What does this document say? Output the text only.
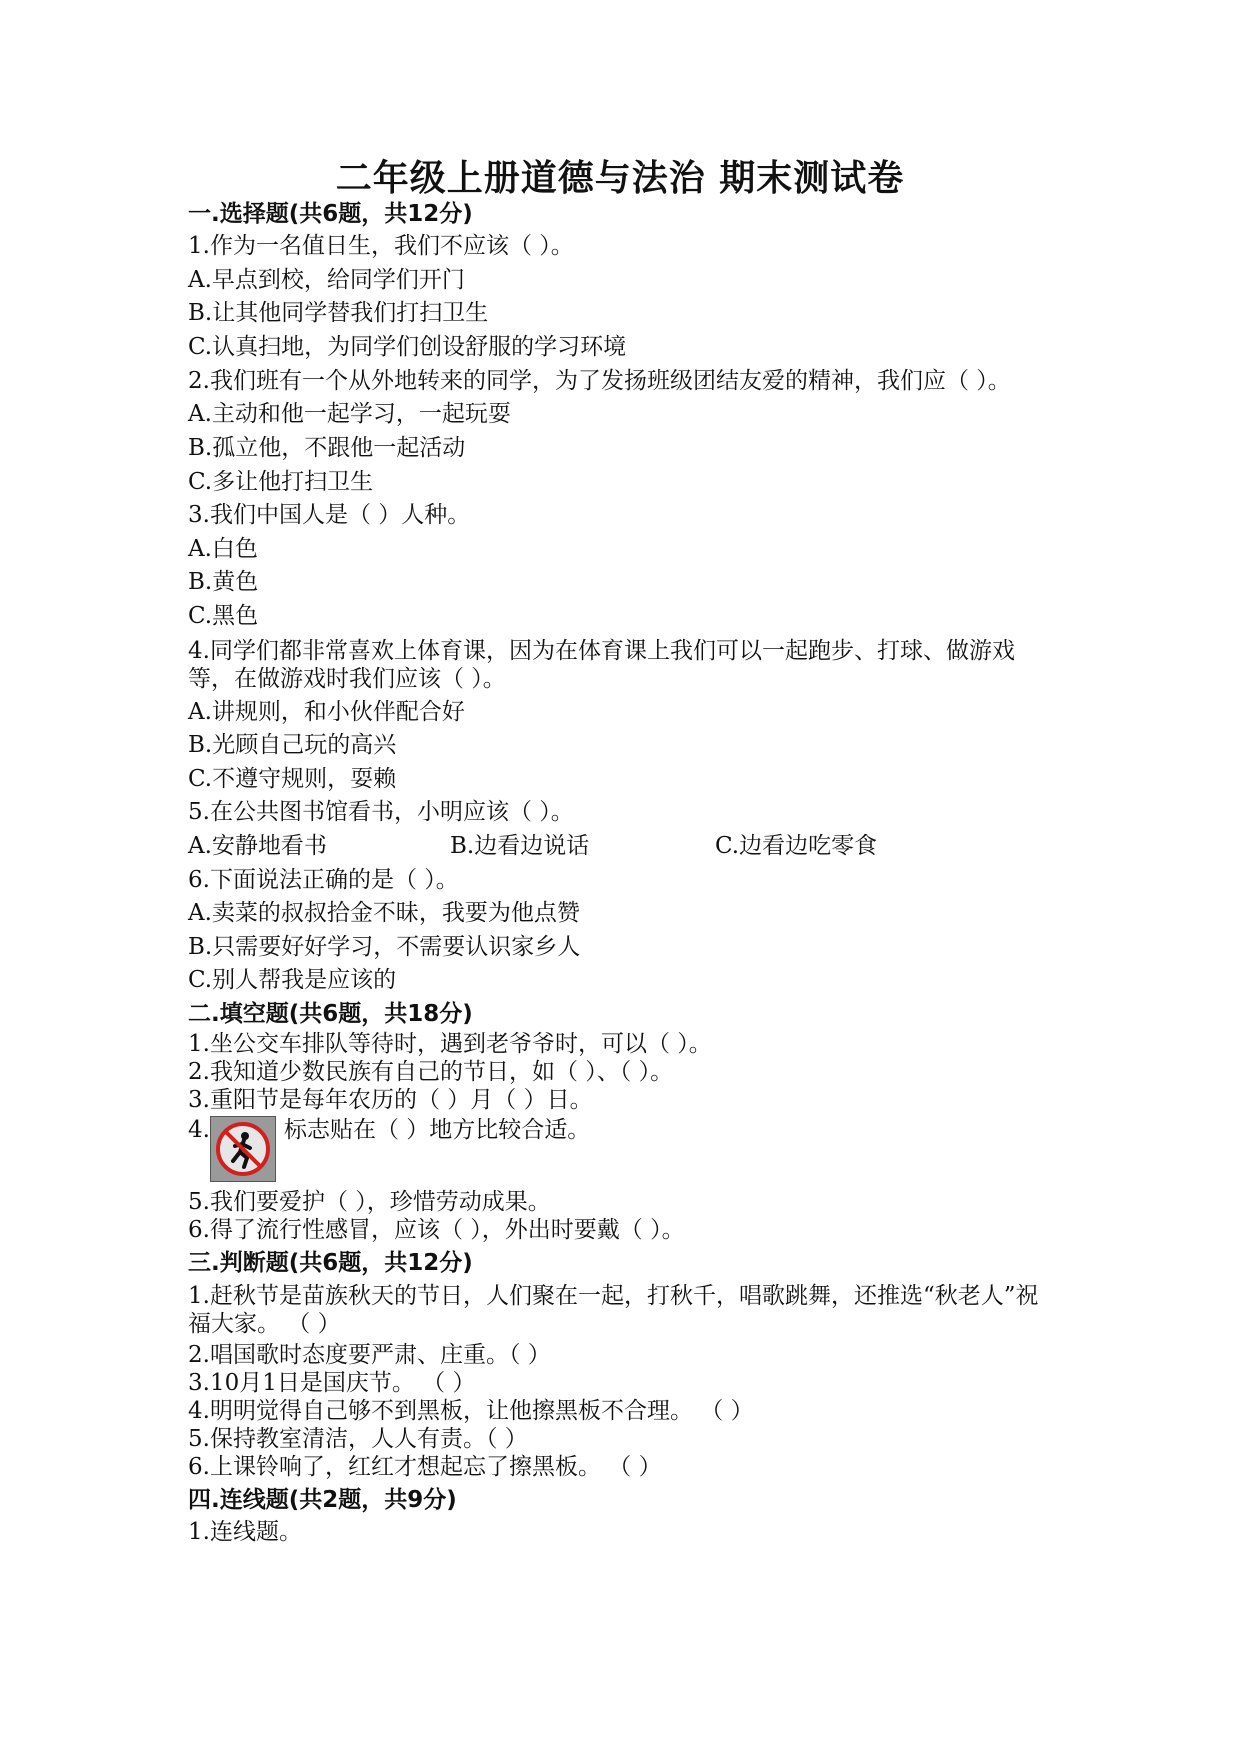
二年级上册道德与法治 期末测试卷
一.选择题(共6题，共12分)
1.作为一名值日生，我们不应该（ ）。
A.早点到校，给同学们开门
B.让其他同学替我们打扫卫生
C.认真扫地，为同学们创设舒服的学习环境
2.我们班有一个从外地转来的同学，为了发扬班级团结友爱的精神，我们应（ ）。
A.主动和他一起学习，一起玩耍
B.孤立他，不跟他一起活动
C.多让他打扫卫生
3.我们中国人是（ ）人种。
A.白色
B.黄色
C.黑色
4.同学们都非常喜欢上体育课，因为在体育课上我们可以一起跑步、打球、做游戏等，在做游戏时我们应该（ ）。
A.讲规则，和小伙伴配合好
B.光顾自己玩的高兴
C.不遵守规则，耍赖
5.在公共图书馆看书，小明应该（ ）。
A.安静地看书	B.边看边说话	C.边看边吃零食
6.下面说法正确的是（ ）。
A.卖菜的叔叔拾金不昧，我要为他点赞
B.只需要好好学习，不需要认识家乡人
C.别人帮我是应该的
二.填空题(共6题，共18分)
1.坐公交车排队等待时，遇到老爷爷时，可以（ ）。
2.我知道少数民族有自己的节日，如（ ）、（ ）。
3.重阳节是每年农历的（ ）月（ ）日。
4.	标志贴在（ ）地方比较合适。
5.我们要爱护（ ），珍惜劳动成果。
6.得了流行性感冒，应该（ ），外出时要戴（ ）。
三.判断题(共6题，共12分)
1.赶秋节是苗族秋天的节日，人们聚在一起，打秋千，唱歌跳舞，还推选“秋老人”祝福大家。 （ ）
2.唱国歌时态度要严肃、庄重。（ ）
3.10月1日是国庆节。 （ ）
4.明明觉得自己够不到黑板，让他擦黑板不合理。 （ ）
5.保持教室清洁，人人有责。（ ）
6.上课铃响了，红红才想起忘了擦黑板。 （ ）
四.连线题(共2题，共9分)
1.连线题。
